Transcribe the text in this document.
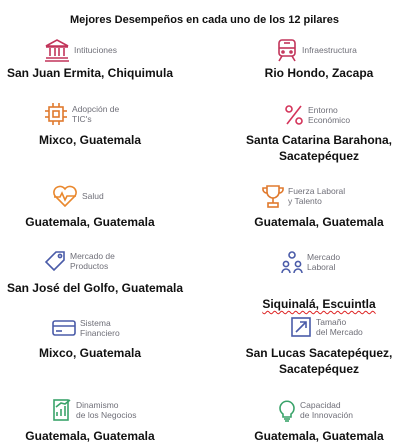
Mejores Desempeños en cada uno de los 12 pilares
Intituciones
San Juan Ermita, Chiquimula
Infraestructura
Rio Hondo, Zacapa
Adopción de
TIC's
Mixco, Guatemala
Entorno
Económico
Santa Catarina Barahona,
Sacatepéquez
Salud
Guatemala, Guatemala
Fuerza Laboral
y Talento
Guatemala, Guatemala
Mercado de
Productos
San José del Golfo, Guatemala
Mercado
Laboral

Siquinalá, Escuintla

Sistema
Financiero
Mixco, Guatemala
Tamaño
del Mercado
San Lucas Sacatepéquez,
Sacatepéquez
Dinamismo
de los Negocios
Guatemala, Guatemala
Capacidad
de Innovación
Guatemala, Guatemala
